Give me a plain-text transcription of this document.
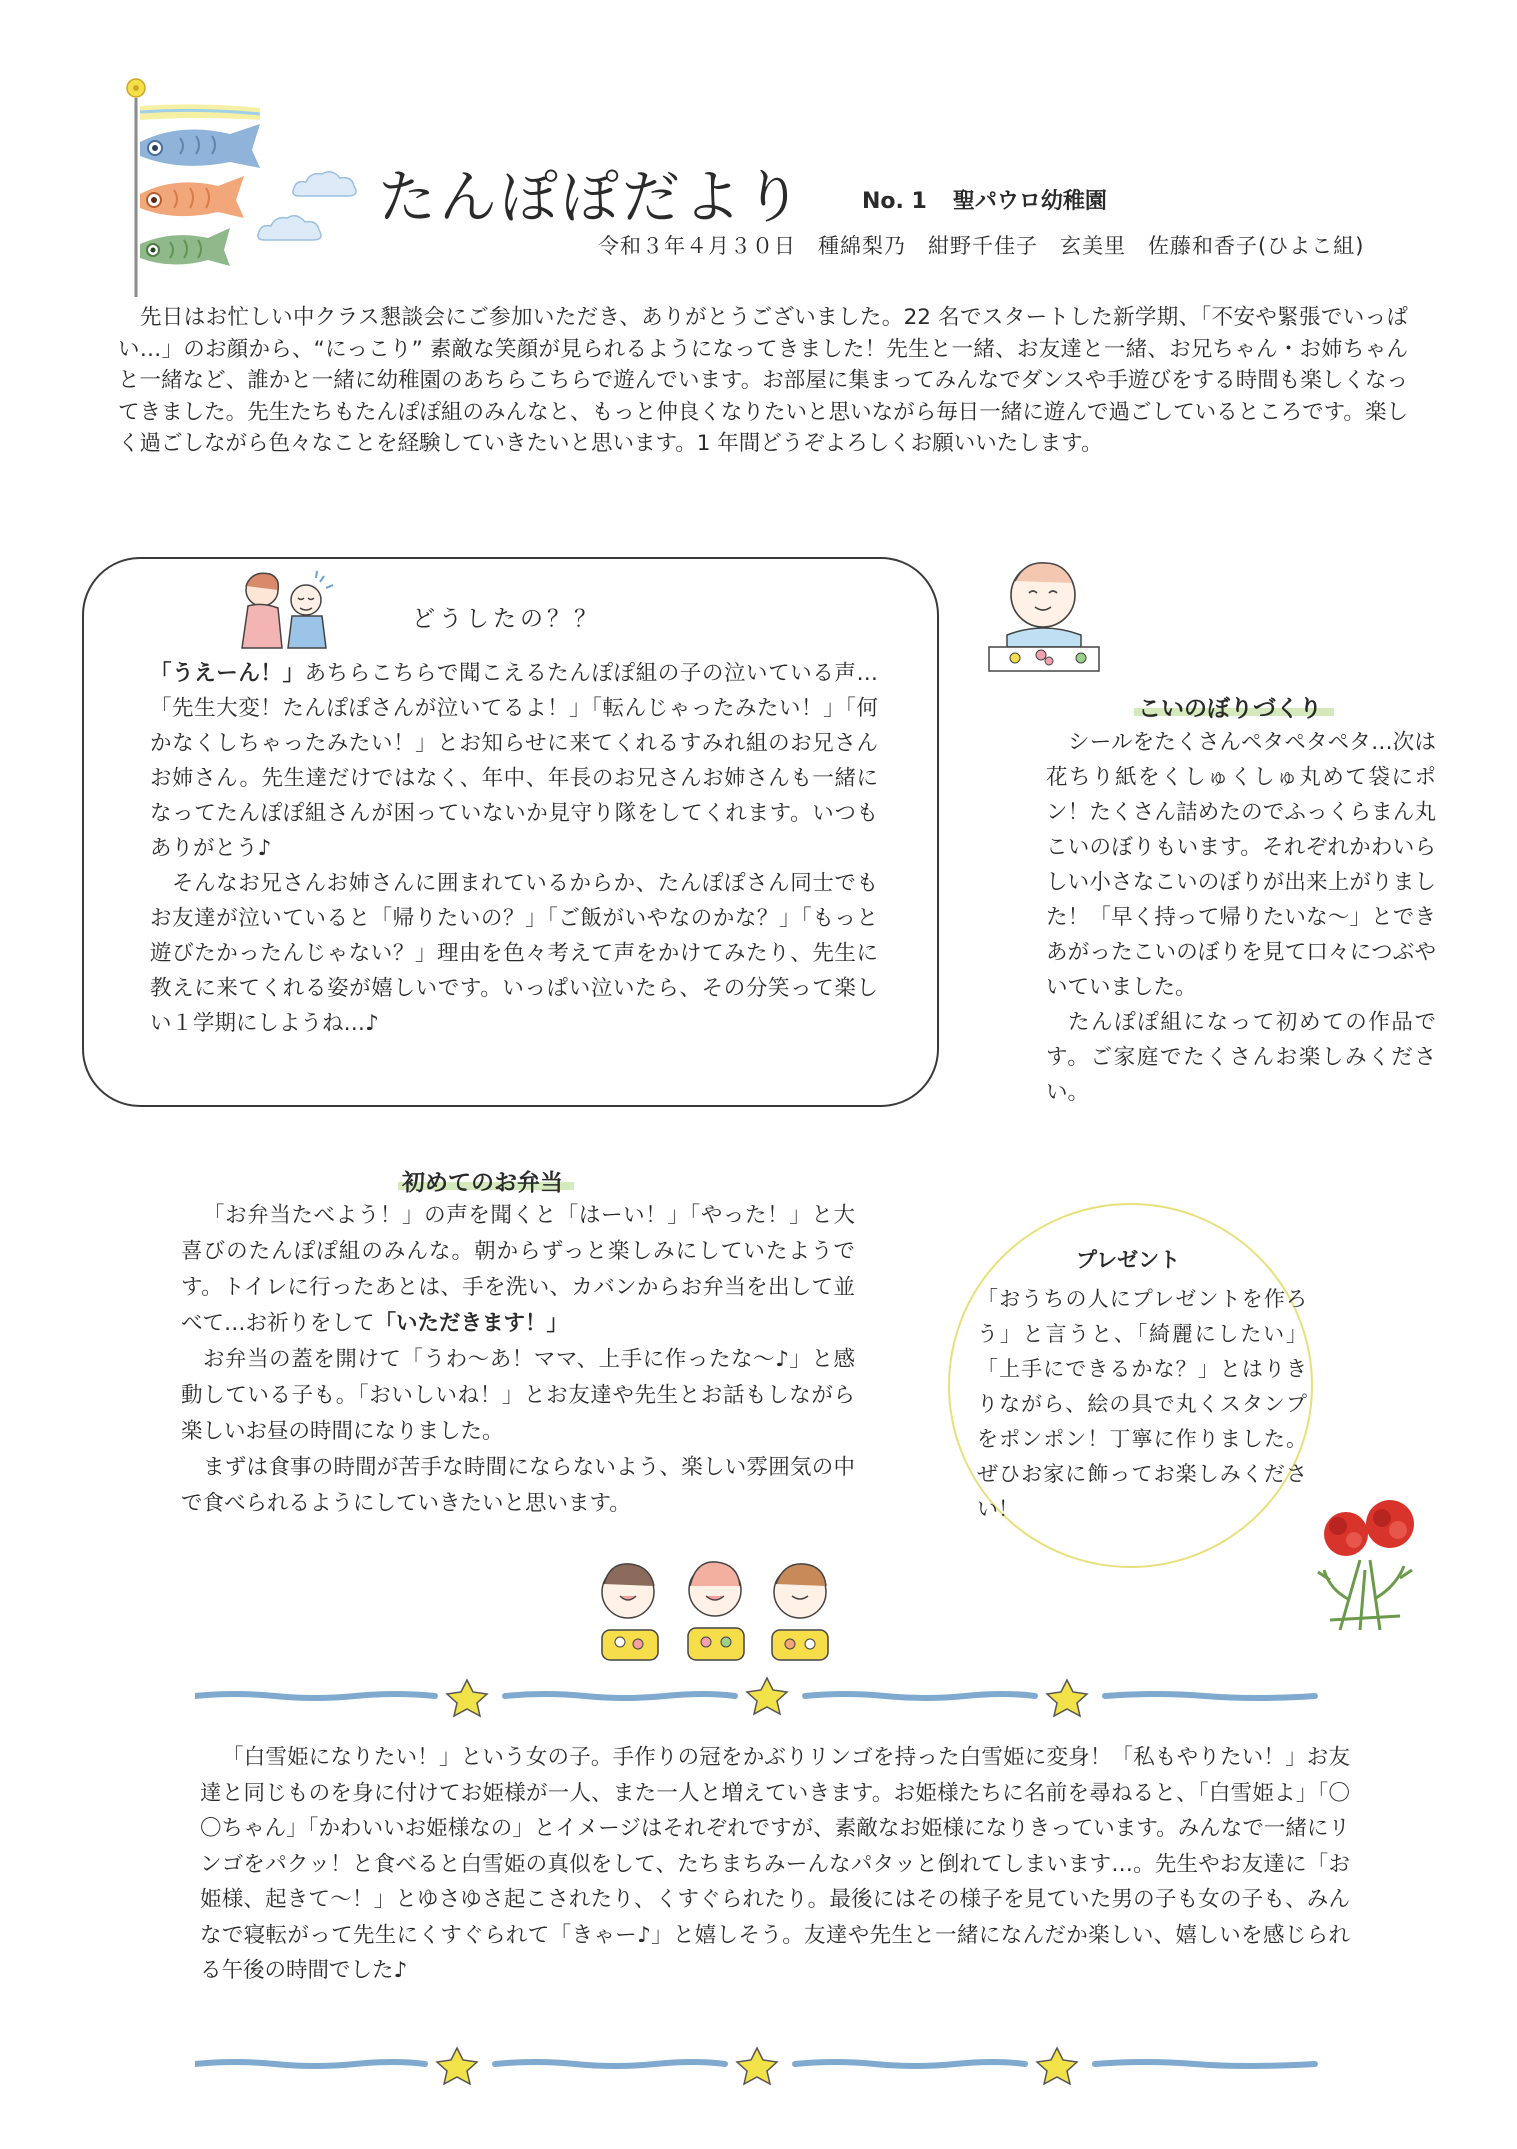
たんぽぽだより	No. 1 聖パウロ幼稚園
令和３年４月３０日　種綿梨乃　紺野千佳子　玄美里　佐藤和香子(ひよこ組)

先日はお忙しい中クラス懇談会にご参加いただき、ありがとうございました。22 名でスタートした新学期、「不安や緊張でいっぱい…」のお顔から、“にっこり” 素敵な笑顔が見られるようになってきました！先生と一緒、お友達と一緒、お兄ちゃん・お姉ちゃんと一緒など、誰かと一緒に幼稚園のあちらこちらで遊んでいます。お部屋に集まってみんなでダンスや手遊びをする時間も楽しくなってきました。先生たちもたんぽぽ組のみんなと、もっと仲良くなりたいと思いながら毎日一緒に遊んで過ごしているところです。楽しく過ごしながら色々なことを経験していきたいと思います。1 年間どうぞよろしくお願いいたします。

どうしたの？？

「うえーん！」あちらこちらで聞こえるたんぽぽ組の子の泣いている声…「先生大変！たんぽぽさんが泣いてるよ！」「転んじゃったみたい！」「何かなくしちゃったみたい！」とお知らせに来てくれるすみれ組のお兄さんお姉さん。先生達だけではなく、年中、年長のお兄さんお姉さんも一緒になってたんぽぽ組さんが困っていないか見守り隊をしてくれます。いつもありがとう♪

そんなお兄さんお姉さんに囲まれているからか、たんぽぽさん同士でもお友達が泣いていると「帰りたいの？」「ご飯がいやなのかな？」「もっと遊びたかったんじゃない？」理由を色々考えて声をかけてみたり、先生に教えに来てくれる姿が嬉しいです。いっぱい泣いたら、その分笑って楽しい１学期にしようね…♪

こいのぼりづくり

シールをたくさんペタペタペタ…次は花ちり紙をくしゅくしゅ丸めて袋にポン！たくさん詰めたのでふっくらまん丸こいのぼりもいます。それぞれかわいらしい小さなこいのぼりが出来上がりました！「早く持って帰りたいな～」とできあがったこいのぼりを見て口々につぶやいていました。

たんぽぽ組になって初めての作品です。ご家庭でたくさんお楽しみください。

初めてのお弁当

「お弁当たべよう！」の声を聞くと「はーい！」「やった！」と大喜びのたんぽぽ組のみんな。朝からずっと楽しみにしていたようです。トイレに行ったあとは、手を洗い、カバンからお弁当を出して並べて…お祈りをして「いただきます！」

お弁当の蓋を開けて「うわ～あ！ママ、上手に作ったな～♪」と感動している子も。「おいしいね！」とお友達や先生とお話もしながら楽しいお昼の時間になりました。

まずは食事の時間が苦手な時間にならないよう、楽しい雰囲気の中で食べられるようにしていきたいと思います。

プレゼント

「おうちの人にプレゼントを作ろう」と言うと、「綺麗にしたい」「上手にできるかな？」とはりきりながら、絵の具で丸くスタンプをポンポン！丁寧に作りました。ぜひお家に飾ってお楽しみください！

「白雪姫になりたい！」という女の子。手作りの冠をかぶりリンゴを持った白雪姫に変身！「私もやりたい！」お友達と同じものを身に付けてお姫様が一人、また一人と増えていきます。お姫様たちに名前を尋ねると、「白雪姫よ」「〇〇ちゃん」「かわいいお姫様なの」とイメージはそれぞれですが、素敵なお姫様になりきっています。みんなで一緒にリンゴをパクッ！と食べると白雪姫の真似をして、たちまちみーんなパタッと倒れてしまいます…。先生やお友達に「お姫様、起きて～！」とゆさゆさ起こされたり、くすぐられたり。最後にはその様子を見ていた男の子も女の子も、みんなで寝転がって先生にくすぐられて「きゃー♪」と嬉しそう。友達や先生と一緒になんだか楽しい、嬉しいを感じられる午後の時間でした♪
